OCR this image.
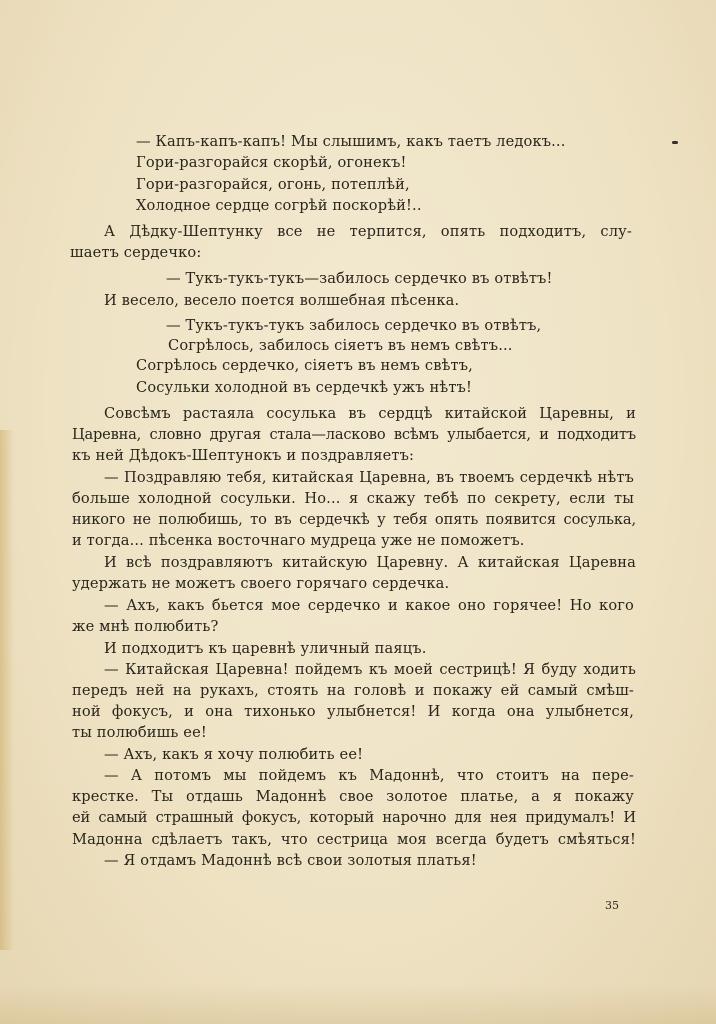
— Капъ-капъ-капъ! Мы слышимъ, какъ таетъ ледокъ...
Гори-разгорайся скорѣй, огонекъ!
Гори-разгорайся, огонь, потеплѣй,
Холодное сердце согрѣй поскорѣй!..
А Дѣдку-Шептунку все не терпится, опять подходитъ, слу-
шаетъ сердечко:
— Тукъ-тукъ-тукъ—забилось сердечко въ отвѣтъ!
И весело, весело поется волшебная пѣсенка.
— Тукъ-тукъ-тукъ забилось сердечко въ отвѣтъ,
Согрѣлось, забилось сіяетъ въ немъ свѣтъ...
Согрѣлось сердечко, сіяетъ въ немъ свѣтъ,
Сосульки холодной въ сердечкѣ ужъ нѣтъ!
Совсѣмъ растаяла сосулька въ сердцѣ китайской Царевны, и
Царевна, словно другая стала—ласково всѣмъ улыбается, и подходитъ
къ ней Дѣдокъ-Шептунокъ и поздравляетъ:
— Поздравляю тебя, китайская Царевна, въ твоемъ сердечкѣ нѣтъ
больше холодной сосульки. Но... я скажу тебѣ по секрету, если ты
никого не полюбишь, то въ сердечкѣ у тебя опять появится сосулька,
и тогда... пѣсенка восточнаго мудреца уже не поможетъ.
И всѣ поздравляютъ китайскую Царевну. А китайская Царевна
удержать не можетъ своего горячаго сердечка.
— Ахъ, какъ бьется мое сердечко и какое оно горячее! Но кого
же мнѣ полюбить?
И подходитъ къ царевнѣ уличный паяцъ.
— Китайская Царевна! пойдемъ къ моей сестрицѣ! Я буду ходить
передъ ней на рукахъ, стоять на головѣ и покажу ей самый смѣш-
ной фокусъ, и она тихонько улыбнется! И когда она улыбнется,
ты полюбишь ее!
— Ахъ, какъ я хочу полюбить ее!
— А потомъ мы пойдемъ къ Мадоннѣ, что стоитъ на пере-
крестке. Ты отдашь Мадоннѣ свое золотое платье, а я покажу
ей самый страшный фокусъ, который нарочно для нея придумалъ! И
Мадонна сдѣлаетъ такъ, что сестрица моя всегда будетъ смѣяться!
— Я отдамъ Мадоннѣ всѣ свои золотыя платья!
35
